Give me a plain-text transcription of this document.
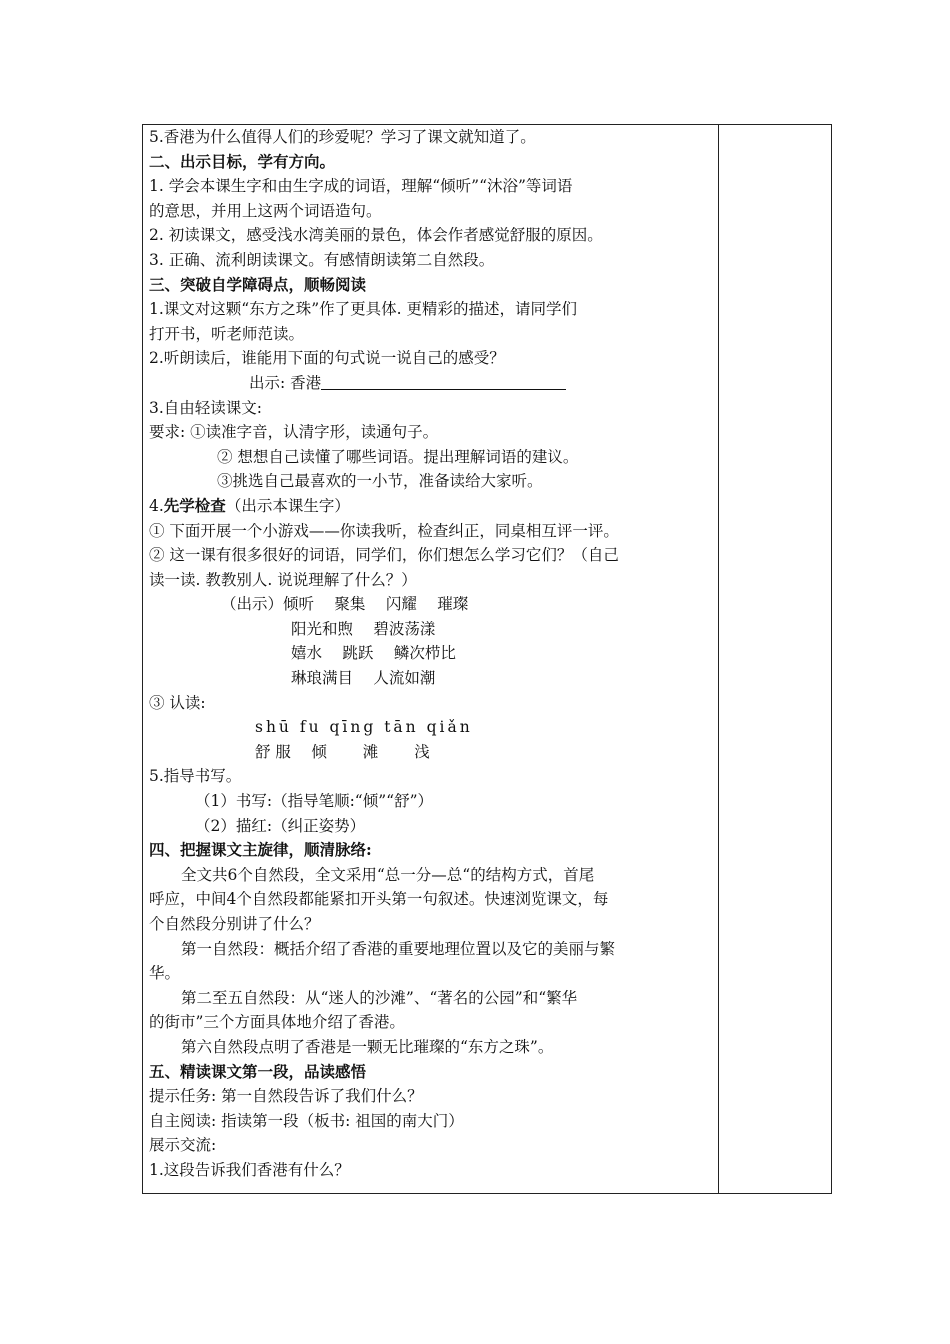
5.香港为什么值得人们的珍爱呢？学习了课文就知道了。
二、出示目标，学有方向。
1. 学会本课生字和由生字成的词语，理解“倾听”“沐浴”等词语
的意思，并用上这两个词语造句。
2. 初读课文，感受浅水湾美丽的景色，体会作者感觉舒服的原因。
3. 正确、流利朗读课文。有感情朗读第二自然段。
三、突破自学障碍点，顺畅阅读
1.课文对这颗“东方之珠”作了更具体. 更精彩的描述，请同学们
打开书，听老师范读。
2.听朗读后，谁能用下面的句式说一说自己的感受？
出示: 香港
3.自由轻读课文:
要求: ①读准字音，认清字形，读通句子。
② 想想自己读懂了哪些词语。提出理解词语的建议。
③挑选自己最喜欢的一小节，准备读给大家听。
4.先学检查（出示本课生字）
① 下面开展一个小游戏——你读我听，检查纠正，同桌相互评一评。
② 这一课有很多很好的词语，同学们，你们想怎么学习它们？（自己
读一读. 教教别人. 说说理解了什么？）
（出示）倾听　 聚集　 闪耀　 璀璨
阳光和煦　 碧波荡漾
嬉水　 跳跃　 鳞次栉比
琳琅满目　 人流如潮
③ 认读:
shū fu qīng tān qiǎn
舒 服　 倾　　 滩　　 浅
5.指导书写。
（1）书写:（指导笔顺:“倾”“舒”）
（2）描红:（纠正姿势）
四、把握课文主旋律，顺清脉络:
全文共6个自然段，全文采用“总一分—总“的结构方式，首尾
呼应，中间4个自然段都能紧扣开头第一句叙述。快速浏览课文，每
个自然段分别讲了什么？
第一自然段：概括介绍了香港的重要地理位置以及它的美丽与繁
华。
第二至五自然段：从“迷人的沙滩”、“著名的公园”和“繁华
的街市”三个方面具体地介绍了香港。
第六自然段点明了香港是一颗无比璀璨的“东方之珠”。
五、精读课文第一段，品读感悟
提示任务: 第一自然段告诉了我们什么？
自主阅读: 指读第一段（板书: 祖国的南大门）
展示交流:
1.这段告诉我们香港有什么？
